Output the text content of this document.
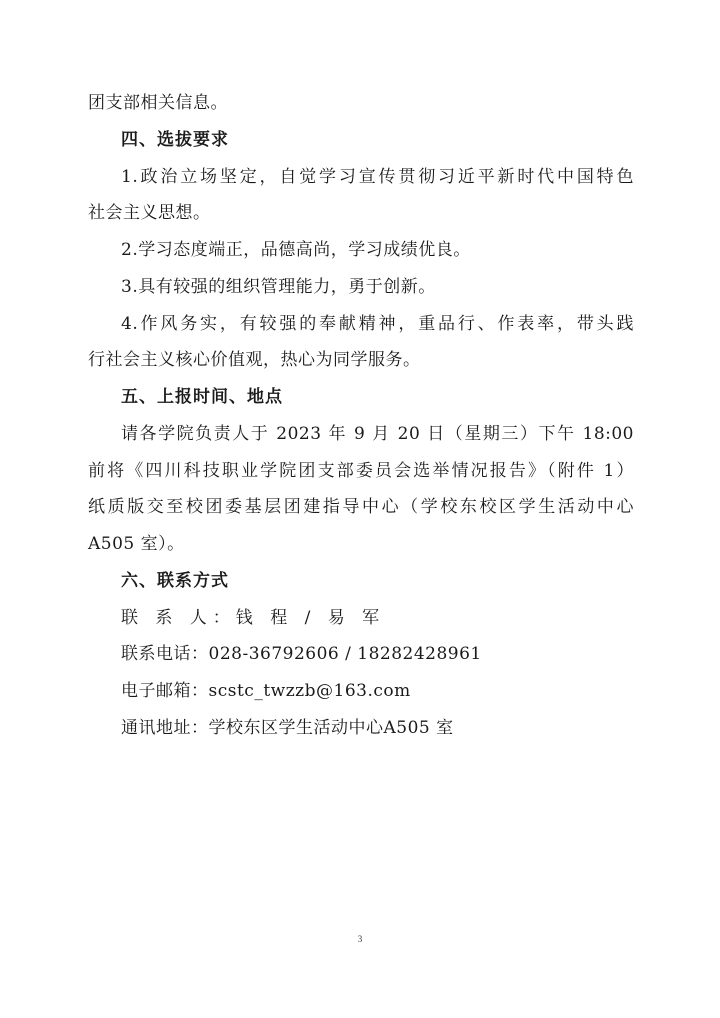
团支部相关信息。
四、选拔要求
1.政治立场坚定，自觉学习宣传贯彻习近平新时代中国特色
社会主义思想。
2.学习态度端正，品德高尚，学习成绩优良。
3.具有较强的组织管理能力，勇于创新。
4.作风务实，有较强的奉献精神，重品行、作表率，带头践
行社会主义核心价值观，热心为同学服务。
五、上报时间、地点
请各学院负责人于 2023 年 9 月 20 日（星期三）下午 18:00
前将《四川科技职业学院团支部委员会选举情况报告》（附件 1）
纸质版交至校团委基层团建指导中心（学校东校区学生活动中心
A505 室）。
六、联系方式
联 系 人：钱 程 / 易 军
联系电话：028-36792606 / 18282428961
电子邮箱：scstc_twzzb@163.com
通讯地址：学校东区学生活动中心A505 室
3
